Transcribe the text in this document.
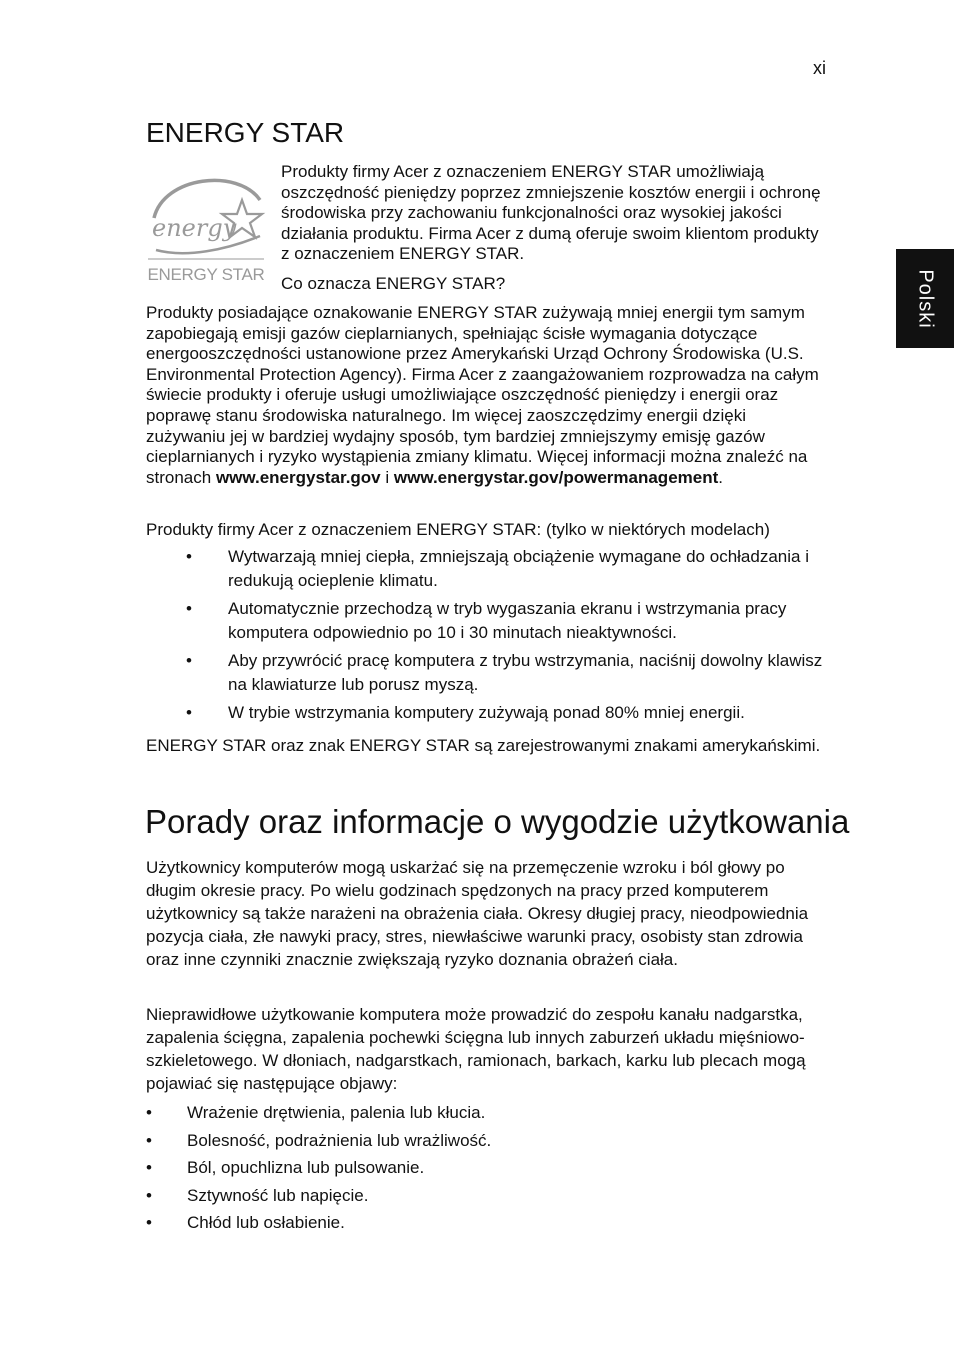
xi
Polski
ENERGY STAR
energy
ENERGY STAR

Produkty firmy Acer z oznaczeniem ENERGY STAR umożliwiają oszczędność pieniędzy poprzez zmniejszenie kosztów energii i ochronę środowiska przy zachowaniu funkcjonalności oraz wysokiej jakości działania produktu. Firma Acer z dumą oferuje swoim klientom produkty z oznaczeniem ENERGY STAR.

Co oznacza ENERGY STAR?

Produkty posiadające oznakowanie ENERGY STAR zużywają mniej energii tym samym zapobiegają emisji gazów cieplarnianych, spełniając ścisłe wymagania dotyczące energooszczędności ustanowione przez Amerykański Urząd Ochrony Środowiska (U.S. Environmental Protection Agency). Firma Acer z zaangażowaniem rozprowadza na całym świecie produkty i oferuje usługi umożliwiające oszczędność pieniędzy i energii oraz poprawę stanu środowiska naturalnego. Im więcej zaoszczędzimy energii dzięki zużywaniu jej w bardziej wydajny sposób, tym bardziej zmniejszymy emisję gazów cieplarnianych i ryzyko wystąpienia zmiany klimatu. Więcej informacji można znaleźć na stronach www.energystar.gov i www.energystar.gov/powermanagement.

Produkty firmy Acer z oznaczeniem ENERGY STAR: (tylko w niektórych modelach)

• Wytwarzają mniej ciepła, zmniejszają obciążenie wymagane do ochładzania i redukują ocieplenie klimatu.
• Automatycznie przechodzą w tryb wygaszania ekranu i wstrzymania pracy komputera odpowiednio po 10 i 30 minutach nieaktywności.
• Aby przywrócić pracę komputera z trybu wstrzymania, naciśnij dowolny klawisz na klawiaturze lub porusz myszą.
• W trybie wstrzymania komputery zużywają ponad 80% mniej energii.

ENERGY STAR oraz znak ENERGY STAR są zarejestrowanymi znakami amerykańskimi.

Porady oraz informacje o wygodzie użytkowania

Użytkownicy komputerów mogą uskarżać się na przemęczenie wzroku i ból głowy po długim okresie pracy. Po wielu godzinach spędzonych na pracy przed komputerem użytkownicy są także narażeni na obrażenia ciała. Okresy długiej pracy, nieodpowiednia pozycja ciała, złe nawyki pracy, stres, niewłaściwe warunki pracy, osobisty stan zdrowia oraz inne czynniki znacznie zwiększają ryzyko doznania obrażeń ciała.

Nieprawidłowe użytkowanie komputera może prowadzić do zespołu kanału nadgarstka, zapalenia ścięgna, zapalenia pochewki ścięgna lub innych zaburzeń układu mięśniowo-szkieletowego. W dłoniach, nadgarstkach, ramionach, barkach, karku lub plecach mogą pojawiać się następujące objawy:

• Wrażenie drętwienia, palenia lub kłucia.
• Bolesność, podrażnienia lub wrażliwość.
• Ból, opuchlizna lub pulsowanie.
• Sztywność lub napięcie.
• Chłód lub osłabienie.
